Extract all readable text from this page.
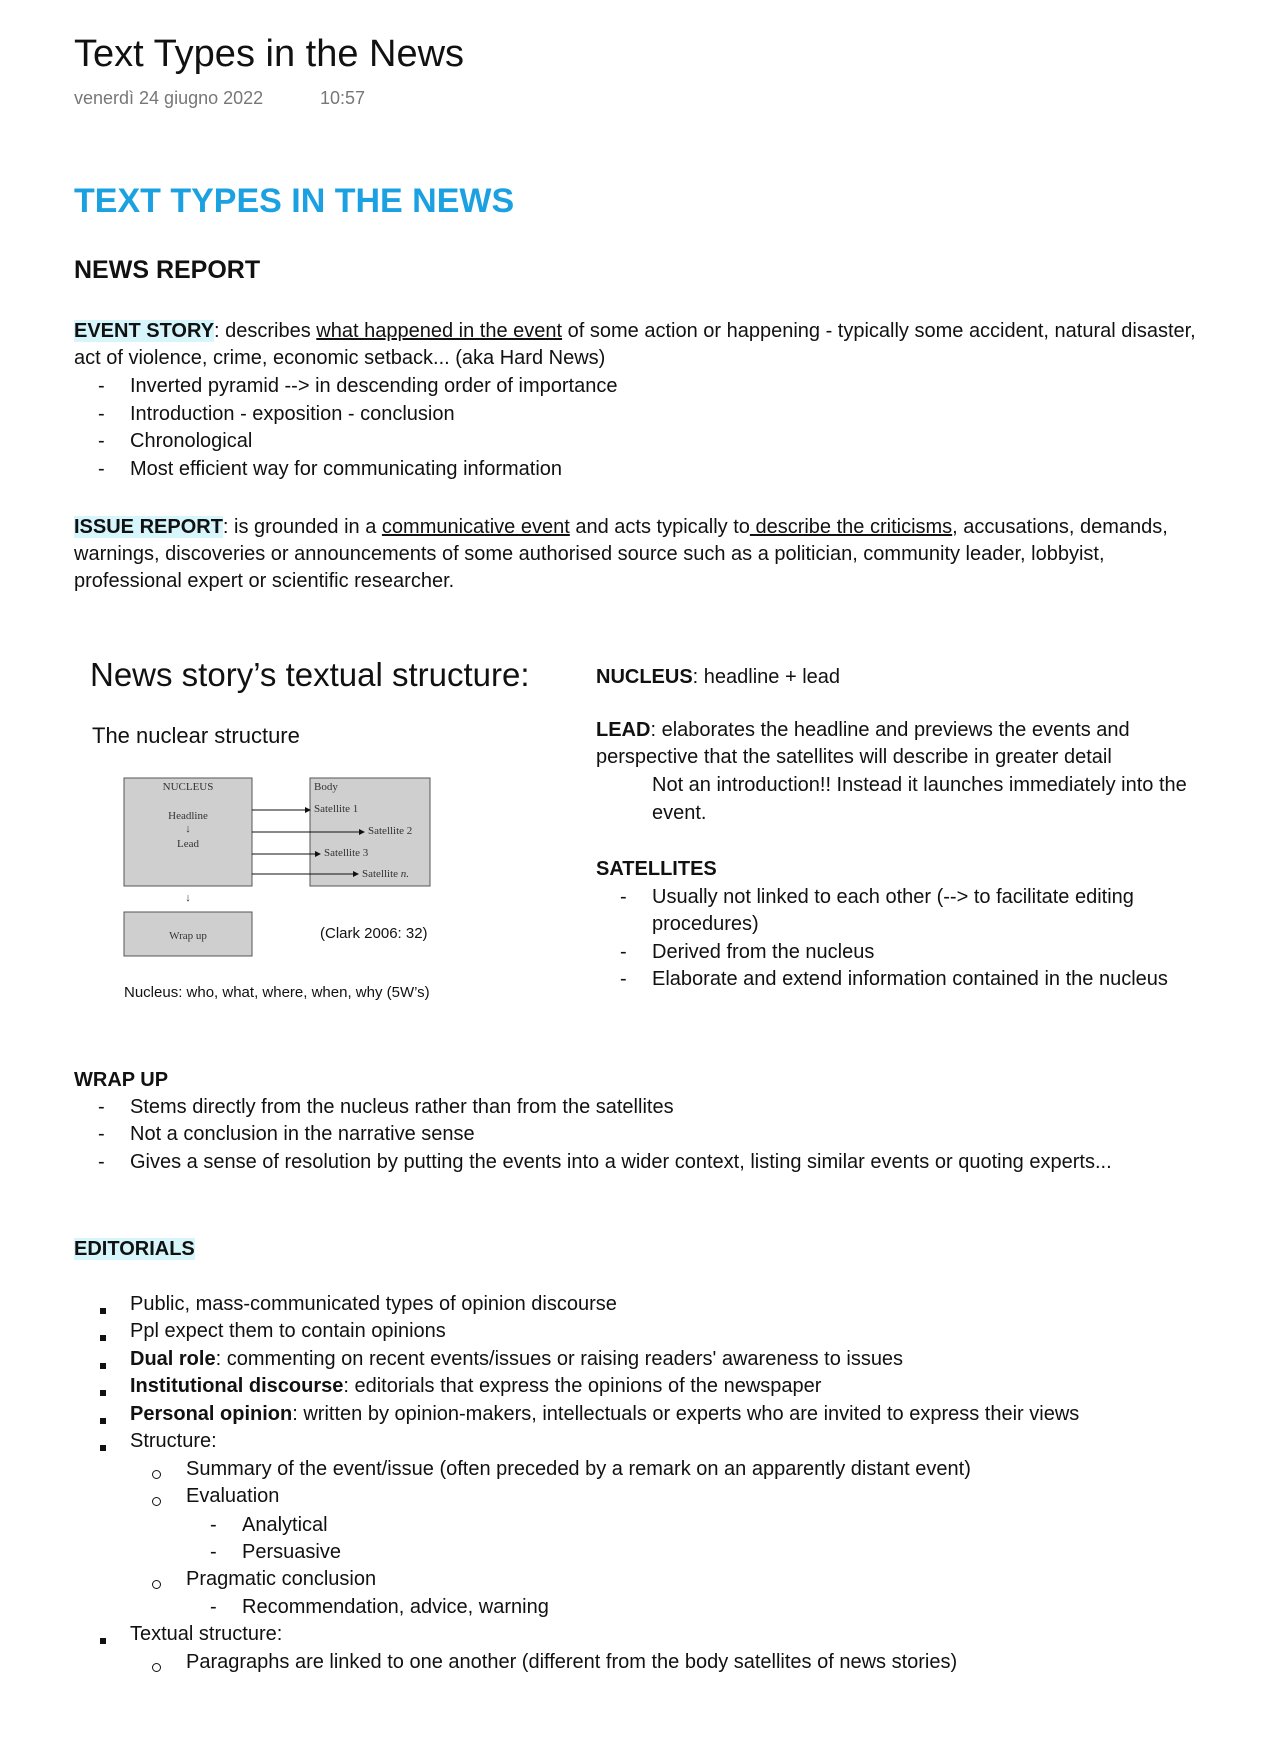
Text Types in the News
venerdì 24 giugno 2022	10:57
TEXT TYPES IN THE NEWS
NEWS REPORT
EVENT STORY: describes what happened in the event of some action or happening - typically some accident, natural disaster,
act of violence, crime, economic setback... (aka Hard News)
- Inverted pyramid --> in descending order of importance
- Introduction - exposition - conclusion
- Chronological
- Most efficient way for communicating information
ISSUE REPORT: is grounded in a communicative event and acts typically to describe the criticisms, accusations, demands,
warnings, discoveries or announcements of some authorised source such as a politician, community leader, lobbyist,
professional expert or scientific researcher.
News story’s textual structure:
The nuclear structure
NUCLEUS
Headline
↓
Lead
Body
Satellite 1
Satellite 2
Satellite 3
Satellite n.
↓
Wrap up	(Clark 2006: 32)
Nucleus: who, what, where, when, why (5W’s)
NUCLEUS: headline + lead
LEAD: elaborates the headline and previews the events and
perspective that the satellites will describe in greater detail
Not an introduction!! Instead it launches immediately into the
event.
SATELLITES
- Usually not linked to each other (--> to facilitate editing
procedures)
- Derived from the nucleus
- Elaborate and extend information contained in the nucleus
WRAP UP
- Stems directly from the nucleus rather than from the satellites
- Not a conclusion in the narrative sense
- Gives a sense of resolution by putting the events into a wider context, listing similar events or quoting experts...
EDITORIALS
Public, mass-communicated types of opinion discourse
Ppl expect them to contain opinions
Dual role: commenting on recent events/issues or raising readers' awareness to issues
Institutional discourse: editorials that express the opinions of the newspaper
Personal opinion: written by opinion-makers, intellectuals or experts who are invited to express their views
Structure:
Summary of the event/issue (often preceded by a remark on an apparently distant event)
Evaluation
- Analytical
- Persuasive
Pragmatic conclusion
- Recommendation, advice, warning
Textual structure:
Paragraphs are linked to one another (different from the body satellites of news stories)
